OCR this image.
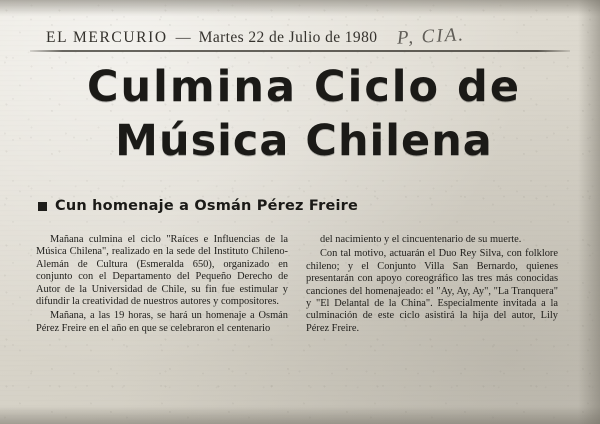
EL MERCURIO — Martes 22 de Julio de 1980 P, CIA.
Culmina Ciclo de
Música Chilena
Cun homenaje a Osmán Pérez Freire

Mañana culmina el ciclo "Raíces e Influencias de la Música Chilena", realizado en la sede del Instituto Chileno-Alemán de Cultura (Esmeralda 650), organizado en conjunto con el Departamento del Pequeño Derecho de Autor de la Universidad de Chile, su fin fue estimular y difundir la creatividad de nuestros autores y compositores.

Mañana, a las 19 horas, se hará un homenaje a Osmán Pérez Freire en el año en que se celebraron el centenario

del nacimiento y el cincuentenario de su muerte.

Con tal motivo, actuarán el Duo Rey Silva, con folklore chileno; y el Conjunto Villa San Bernardo, quienes presentarán con apoyo coreográfico las tres más conocidas canciones del homenajeado: el "Ay, Ay, Ay", "La Tranquera" y "El Delantal de la China". Especialmente invitada a la culminación de este ciclo asistirá la hija del autor, Lily Pérez Freire.
